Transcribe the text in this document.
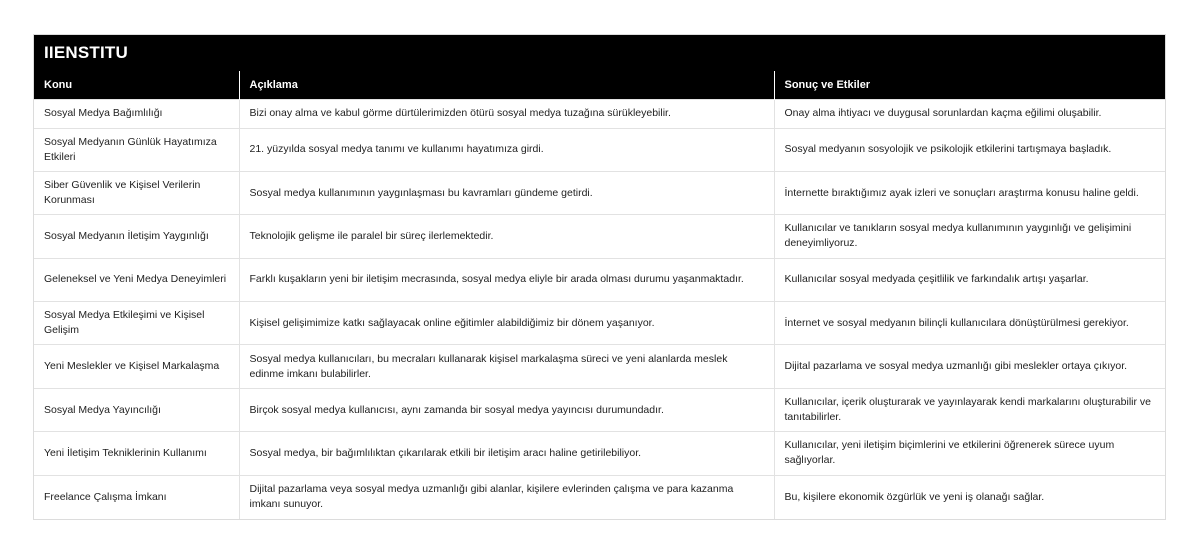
IIENSTITU
Konu	Açıklama	Sonuç ve Etkiler
Sosyal Medya Bağımlılığı	Bizi onay alma ve kabul görme dürtülerimizden ötürü sosyal medya tuzağına sürükleyebilir.	Onay alma ihtiyacı ve duygusal sorunlardan kaçma eğilimi oluşabilir.
Sosyal Medyanın Günlük Hayatımıza Etkileri	21. yüzyılda sosyal medya tanımı ve kullanımı hayatımıza girdi.	Sosyal medyanın sosyolojik ve psikolojik etkilerini tartışmaya başladık.
Siber Güvenlik ve Kişisel Verilerin Korunması	Sosyal medya kullanımının yaygınlaşması bu kavramları gündeme getirdi.	İnternette bıraktığımız ayak izleri ve sonuçları araştırma konusu haline geldi.
Sosyal Medyanın İletişim Yaygınlığı	Teknolojik gelişme ile paralel bir süreç ilerlemektedir.	Kullanıcılar ve tanıkların sosyal medya kullanımının yaygınlığı ve gelişimini deneyimliyoruz.
Geleneksel ve Yeni Medya Deneyimleri	Farklı kuşakların yeni bir iletişim mecrasında, sosyal medya eliyle bir arada olması durumu yaşanmaktadır.	Kullanıcılar sosyal medyada çeşitlilik ve farkındalık artışı yaşarlar.
Sosyal Medya Etkileşimi ve Kişisel Gelişim	Kişisel gelişimimize katkı sağlayacak online eğitimler alabildiğimiz bir dönem yaşanıyor.	İnternet ve sosyal medyanın bilinçli kullanıcılara dönüştürülmesi gerekiyor.
Yeni Meslekler ve Kişisel Markalaşma	Sosyal medya kullanıcıları, bu mecraları kullanarak kişisel markalaşma süreci ve yeni alanlarda meslek edinme imkanı bulabilirler.	Dijital pazarlama ve sosyal medya uzmanlığı gibi meslekler ortaya çıkıyor.
Sosyal Medya Yayıncılığı	Birçok sosyal medya kullanıcısı, aynı zamanda bir sosyal medya yayıncısı durumundadır.	Kullanıcılar, içerik oluşturarak ve yayınlayarak kendi markalarını oluşturabilir ve tanıtabilirler.
Yeni İletişim Tekniklerinin Kullanımı	Sosyal medya, bir bağımlılıktan çıkarılarak etkili bir iletişim aracı haline getirilebiliyor.	Kullanıcılar, yeni iletişim biçimlerini ve etkilerini öğrenerek sürece uyum sağlıyorlar.
Freelance Çalışma İmkanı	Dijital pazarlama veya sosyal medya uzmanlığı gibi alanlar, kişilere evlerinden çalışma ve para kazanma imkanı sunuyor.	Bu, kişilere ekonomik özgürlük ve yeni iş olanağı sağlar.
